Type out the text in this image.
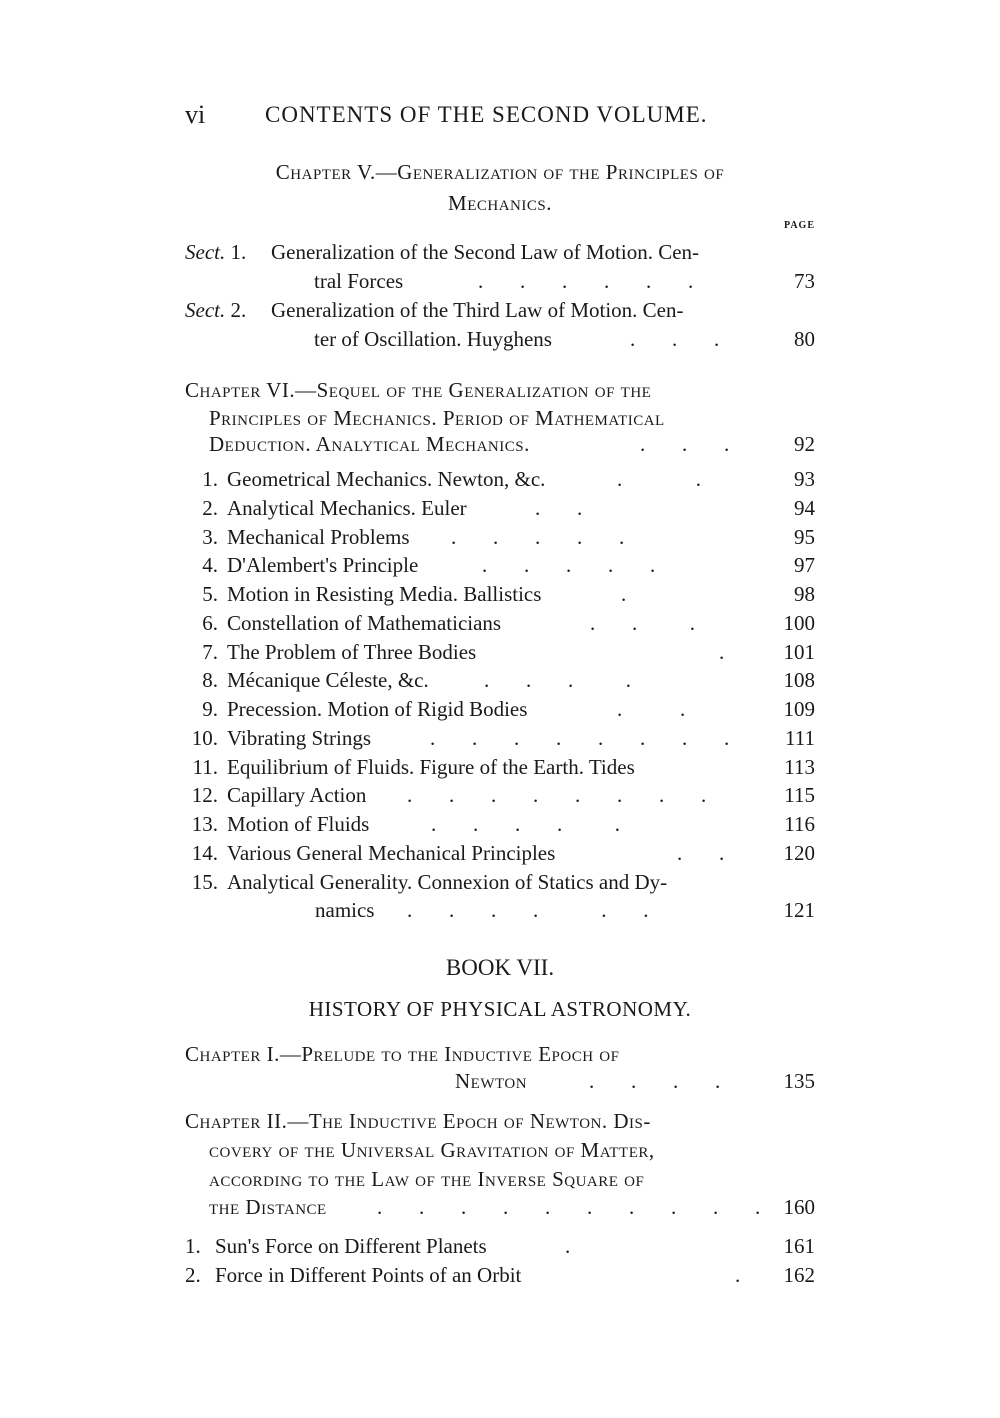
vi	CONTENTS OF THE SECOND VOLUME.
Chapter V.—Generalization of the Principles of
Mechanics.
PAGE
Sect. 1. Generalization of the Second Law of Motion. Cen-
tral Forces	.       .       .       .       .       .	73
Sect. 2. Generalization of the Third Law of Motion. Cen-
ter of Oscillation. Huyghens	.       .       .	80
Chapter VI.—Sequel of the Generalization of the
Principles of Mechanics. Period of Mathematical
Deduction. Analytical Mechanics.	.       .       .	92
1. Geometrical Mechanics. Newton, &c.	.              .	93
2. Analytical Mechanics. Euler	.       .	94
3. Mechanical Problems .       .       .       .       .	95
4. D'Alembert's Principle	.       .       .       .       .	97
5. Motion in Resisting Media. Ballistics	.	98
6. Constellation of Mathematicians	.       .          .	100
7. The Problem of Three Bodies	.	101
8. Mécanique Céleste, &c.	.       .       .          .	108
9. Precession. Motion of Rigid Bodies	.           .	109
10. Vibrating Strings	.       .       .       .       .       .       .       .	111
11. Equilibrium of Fluids. Figure of the Earth. Tides	113
12. Capillary Action .       .       .       .       .       .       .       .	115
13. Motion of Fluids	.       .       .       .          .	116
14. Various General Mechanical Principles	.       .	120
15. Analytical Generality. Connexion of Statics and Dy-
namics .       .       .       .            .       .	121
BOOK VII.
HISTORY OF PHYSICAL ASTRONOMY.
Chapter I.—Prelude to the Inductive Epoch of
Newton	.       .       .       .	135
Chapter II.—The Inductive Epoch of Newton. Dis-
covery of the Universal Gravitation of Matter,
according to the Law of the Inverse Square of
the Distance .       .       .       .       .       .       .       .       .       . 160
1. Sun's Force on Different Planets	.	161
2. Force in Different Points of an Orbit	. 162
